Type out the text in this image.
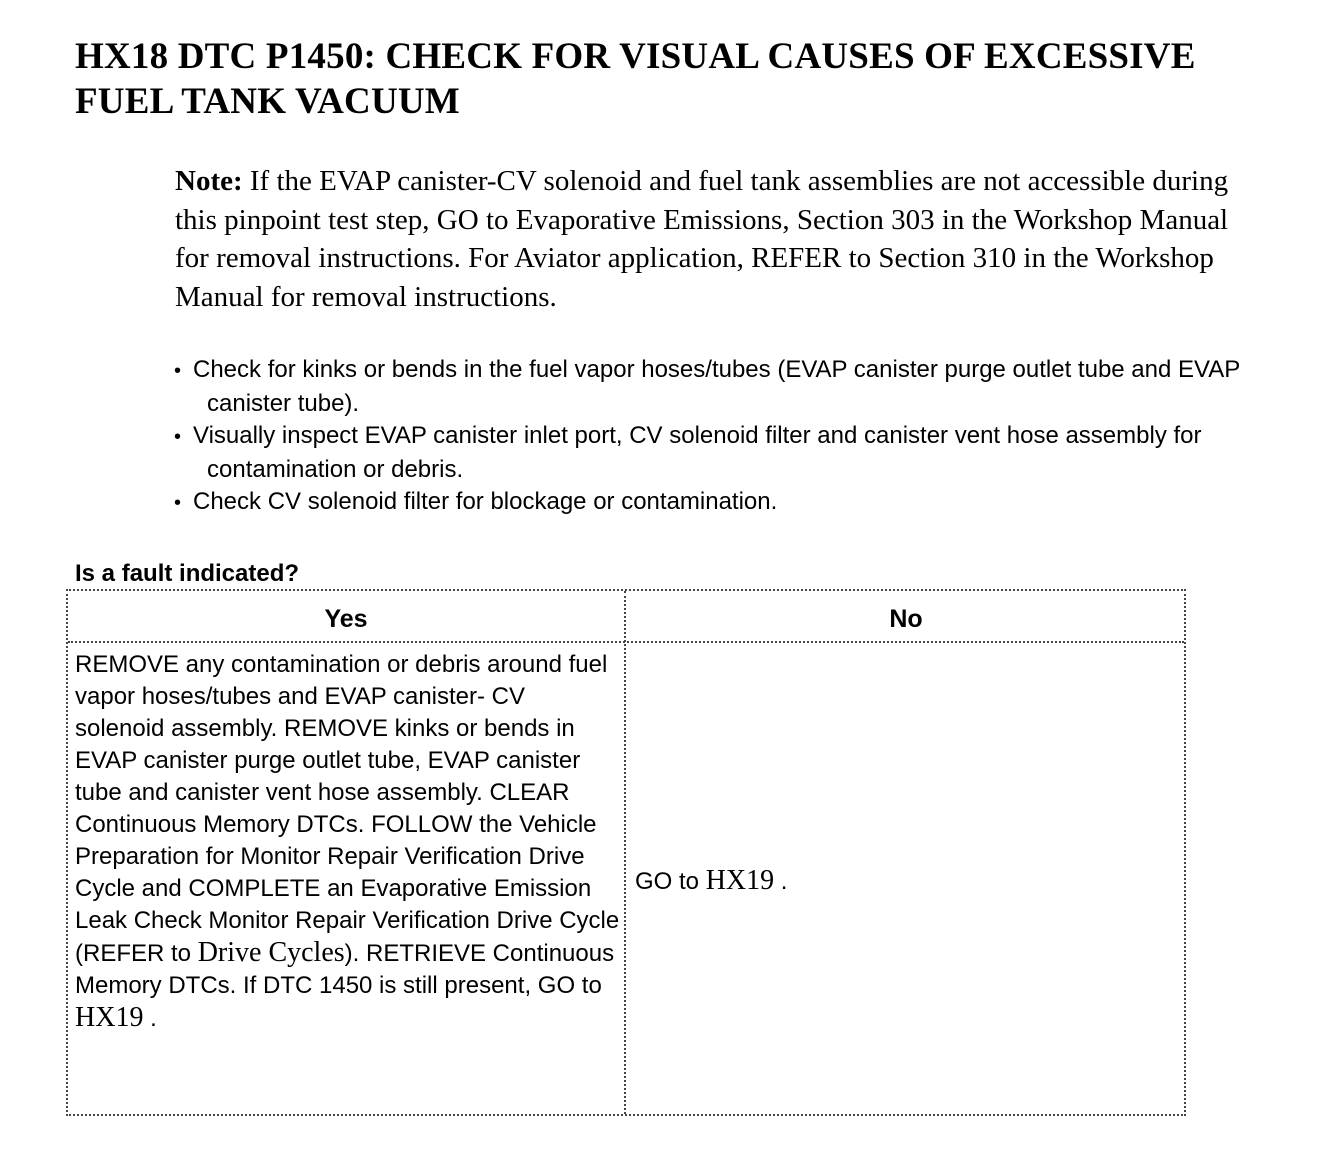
HX18 DTC P1450: CHECK FOR VISUAL CAUSES OF EXCESSIVE FUEL TANK VACUUM
Note: If the EVAP canister-CV solenoid and fuel tank assemblies are not accessible during this pinpoint test step, GO to Evaporative Emissions, Section 303 in the Workshop Manual for removal instructions. For Aviator application, REFER to Section 310 in the Workshop Manual for removal instructions.
• Check for kinks or bends in the fuel vapor hoses/tubes (EVAP canister purge outlet tube and EVAP canister tube).
• Visually inspect EVAP canister inlet port, CV solenoid filter and canister vent hose assembly for contamination or debris.
• Check CV solenoid filter for blockage or contamination.
Is a fault indicated?
Yes	No
REMOVE any contamination or debris around fuel vapor hoses/tubes and EVAP canister- CV solenoid assembly. REMOVE kinks or bends in EVAP canister purge outlet tube, EVAP canister tube and canister vent hose assembly. CLEAR Continuous Memory DTCs. FOLLOW the Vehicle Preparation for Monitor Repair Verification Drive Cycle and COMPLETE an Evaporative Emission Leak Check Monitor Repair Verification Drive Cycle (REFER to Drive Cycles). RETRIEVE Continuous Memory DTCs. If DTC 1450 is still present, GO to HX19 .
GO to HX19 .
